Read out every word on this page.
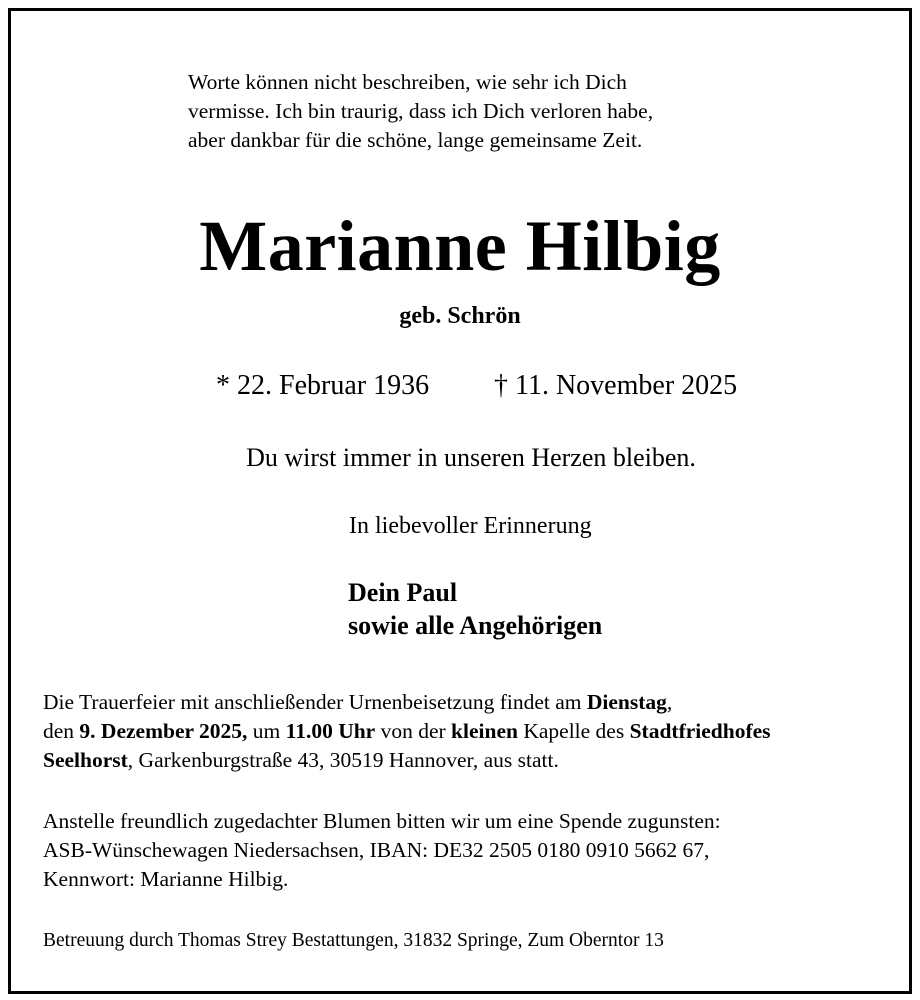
Worte können nicht beschreiben, wie sehr ich Dich
vermisse. Ich bin traurig, dass ich Dich verloren habe,
aber dankbar für die schöne, lange gemeinsame Zeit.
Marianne Hilbig
geb. Schrön
* 22. Februar 1936 † 11. November 2025
Du wirst immer in unseren Herzen bleiben.
In liebevoller Erinnerung
Dein Paul
sowie alle Angehörigen
Die Trauerfeier mit anschließender Urnenbeisetzung findet am Dienstag,
den 9. Dezember 2025, um 11.00 Uhr von der kleinen Kapelle des Stadtfriedhofes
Seelhorst, Garkenburgstraße 43, 30519 Hannover, aus statt.
Anstelle freundlich zugedachter Blumen bitten wir um eine Spende zugunsten:
ASB-Wünschewagen Niedersachsen, IBAN: DE32 2505 0180 0910 5662 67,
Kennwort: Marianne Hilbig.
Betreuung durch Thomas Strey Bestattungen, 31832 Springe, Zum Oberntor 13
